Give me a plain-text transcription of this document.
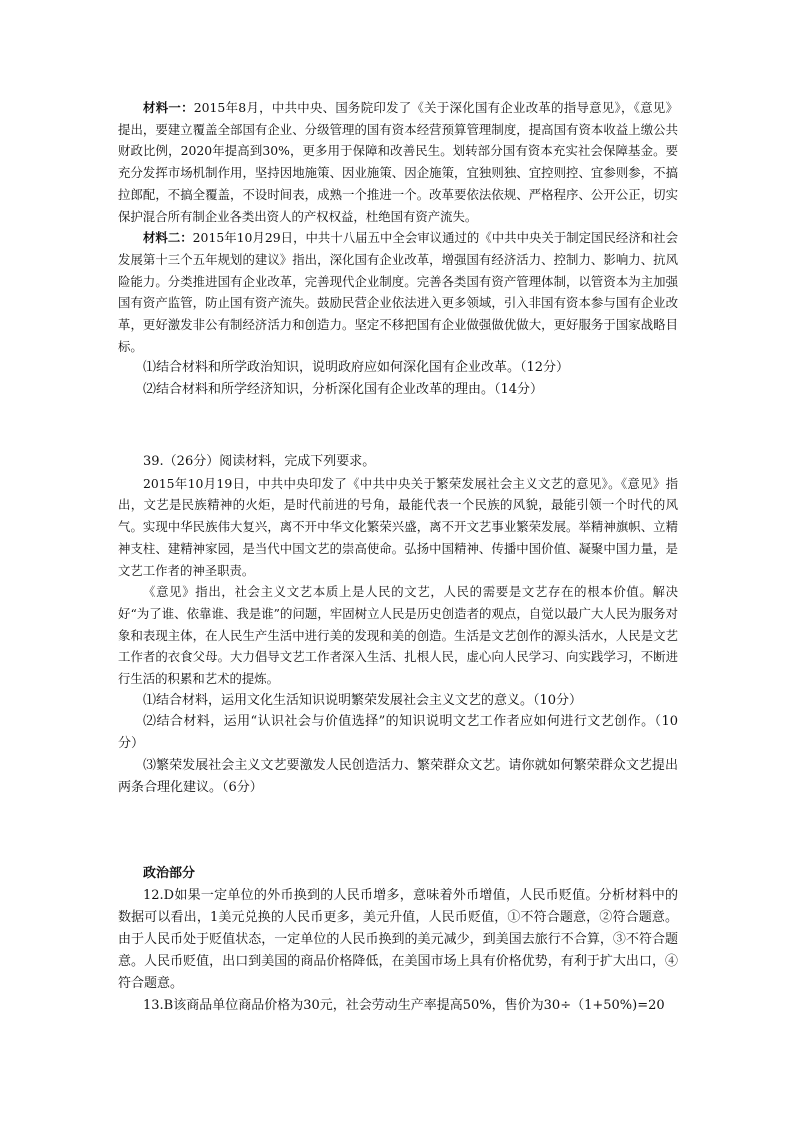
材料一：2015年8月，中共中央、国务院印发了《关于深化国有企业改革的指导意见》，《意见》提出，要建立覆盖全部国有企业、分级管理的国有资本经营预算管理制度，提高国有资本收益上缴公共财政比例，2020年提高到30%，更多用于保障和改善民生。划转部分国有资本充实社会保障基金。要充分发挥市场机制作用，坚持因地施策、因业施策、因企施策，宜独则独、宜控则控、宜参则参，不搞拉郎配，不搞全覆盖，不设时间表，成熟一个推进一个。改革要依法依规、严格程序、公开公正，切实保护混合所有制企业各类出资人的产权权益，杜绝国有资产流失。

材料二：2015年10月29日，中共十八届五中全会审议通过的《中共中央关于制定国民经济和社会发展第十三个五年规划的建议》指出，深化国有企业改革，增强国有经济活力、控制力、影响力、抗风险能力。分类推进国有企业改革，完善现代企业制度。完善各类国有资产管理体制，以管资本为主加强国有资产监管，防止国有资产流失。鼓励民营企业依法进入更多领域，引入非国有资本参与国有企业改革，更好激发非公有制经济活力和创造力。坚定不移把国有企业做强做优做大，更好服务于国家战略目标。

⑴结合材料和所学政治知识，说明政府应如何深化国有企业改革。（12分）

⑵结合材料和所学经济知识，分析深化国有企业改革的理由。（14分）

39.（26分）阅读材料，完成下列要求。

2015年10月19日，中共中央印发了《中共中央关于繁荣发展社会主义文艺的意见》。《意见》指出，文艺是民族精神的火炬，是时代前进的号角，最能代表一个民族的风貌，最能引领一个时代的风气。实现中华民族伟大复兴，离不开中华文化繁荣兴盛，离不开文艺事业繁荣发展。举精神旗帜、立精神支柱、建精神家园，是当代中国文艺的崇高使命。弘扬中国精神、传播中国价值、凝聚中国力量，是文艺工作者的神圣职责。

《意见》指出，社会主义文艺本质上是人民的文艺，人民的需要是文艺存在的根本价值。解决好“为了谁、依靠谁、我是谁”的问题，牢固树立人民是历史创造者的观点，自觉以最广大人民为服务对象和表现主体，在人民生产生活中进行美的发现和美的创造。生活是文艺创作的源头活水，人民是文艺工作者的衣食父母。大力倡导文艺工作者深入生活、扎根人民，虚心向人民学习、向实践学习，不断进行生活的积累和艺术的提炼。

⑴结合材料，运用文化生活知识说明繁荣发展社会主义文艺的意义。（10分）

⑵结合材料，运用“认识社会与价值选择”的知识说明文艺工作者应如何进行文艺创作。（10分）

⑶繁荣发展社会主义文艺要激发人民创造活力、繁荣群众文艺。请你就如何繁荣群众文艺提出两条合理化建议。（6分）

政治部分

12.D如果一定单位的外币换到的人民币增多，意味着外币增值，人民币贬值。分析材料中的数据可以看出，1美元兑换的人民币更多，美元升值，人民币贬值，①不符合题意，②符合题意。由于人民币处于贬值状态，一定单位的人民币换到的美元减少，到美国去旅行不合算，③不符合题意。人民币贬值，出口到美国的商品价格降低，在美国市场上具有价格优势，有利于扩大出口，④符合题意。

13.B该商品单位商品价格为30元，社会劳动生产率提高50%，售价为30÷（1+50%)=20
